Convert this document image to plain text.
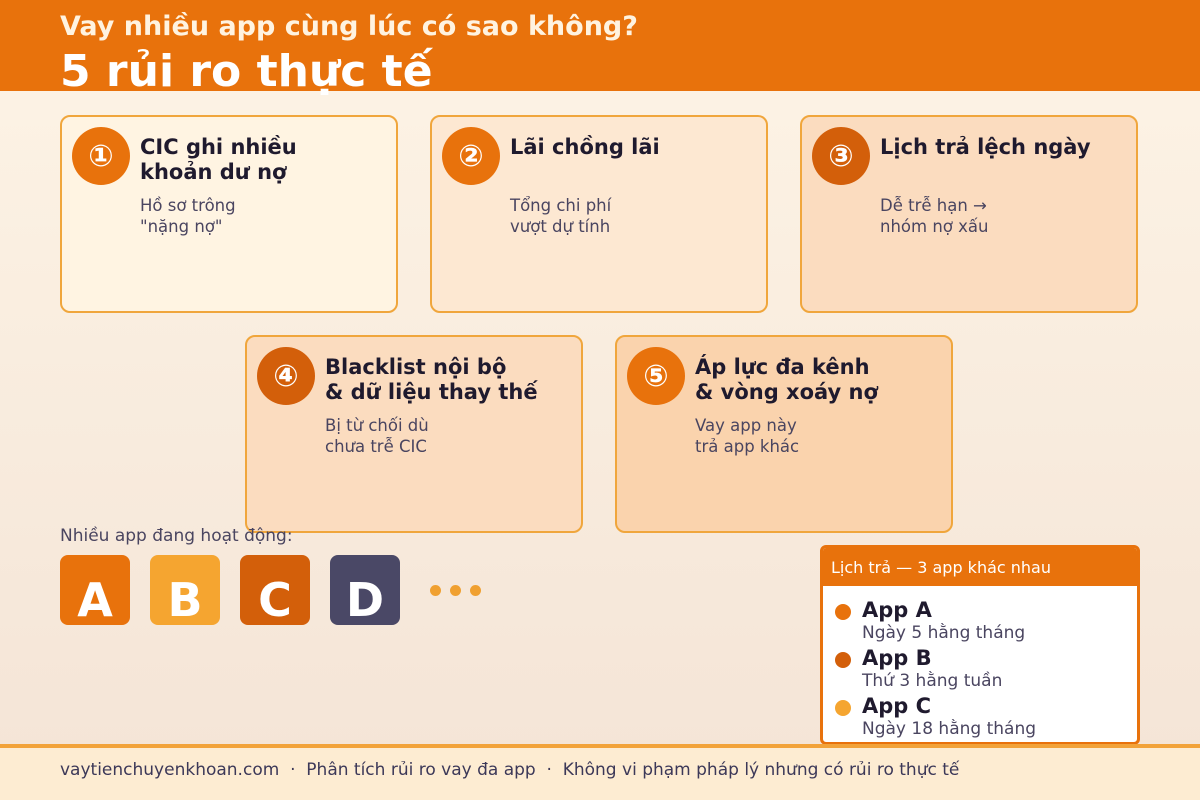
Vay nhiều app cùng lúc có sao không?
5 rủi ro thực tế
①	CIC ghi nhiều
khoản dư nợ
Hồ sơ trông
"nặng nợ"
②	Lãi chồng lãi
Tổng chi phí
vượt dự tính
③	Lịch trả lệch ngày
Dễ trễ hạn →
nhóm nợ xấu
④	Blacklist nội bộ
& dữ liệu thay thế
Bị từ chối dù
chưa trễ CIC
⑤	Áp lực đa kênh
& vòng xoáy nợ
Vay app này
trả app khác
Nhiều app đang hoạt động:
A	B	C	D
Lịch trả — 3 app khác nhau
App A
Ngày 5 hằng tháng
App B
Thứ 3 hằng tuần
App C
Ngày 18 hằng tháng
vaytienchuyenkhoan.com  ·  Phân tích rủi ro vay đa app  ·  Không vi phạm pháp lý nhưng có rủi ro thực tế
